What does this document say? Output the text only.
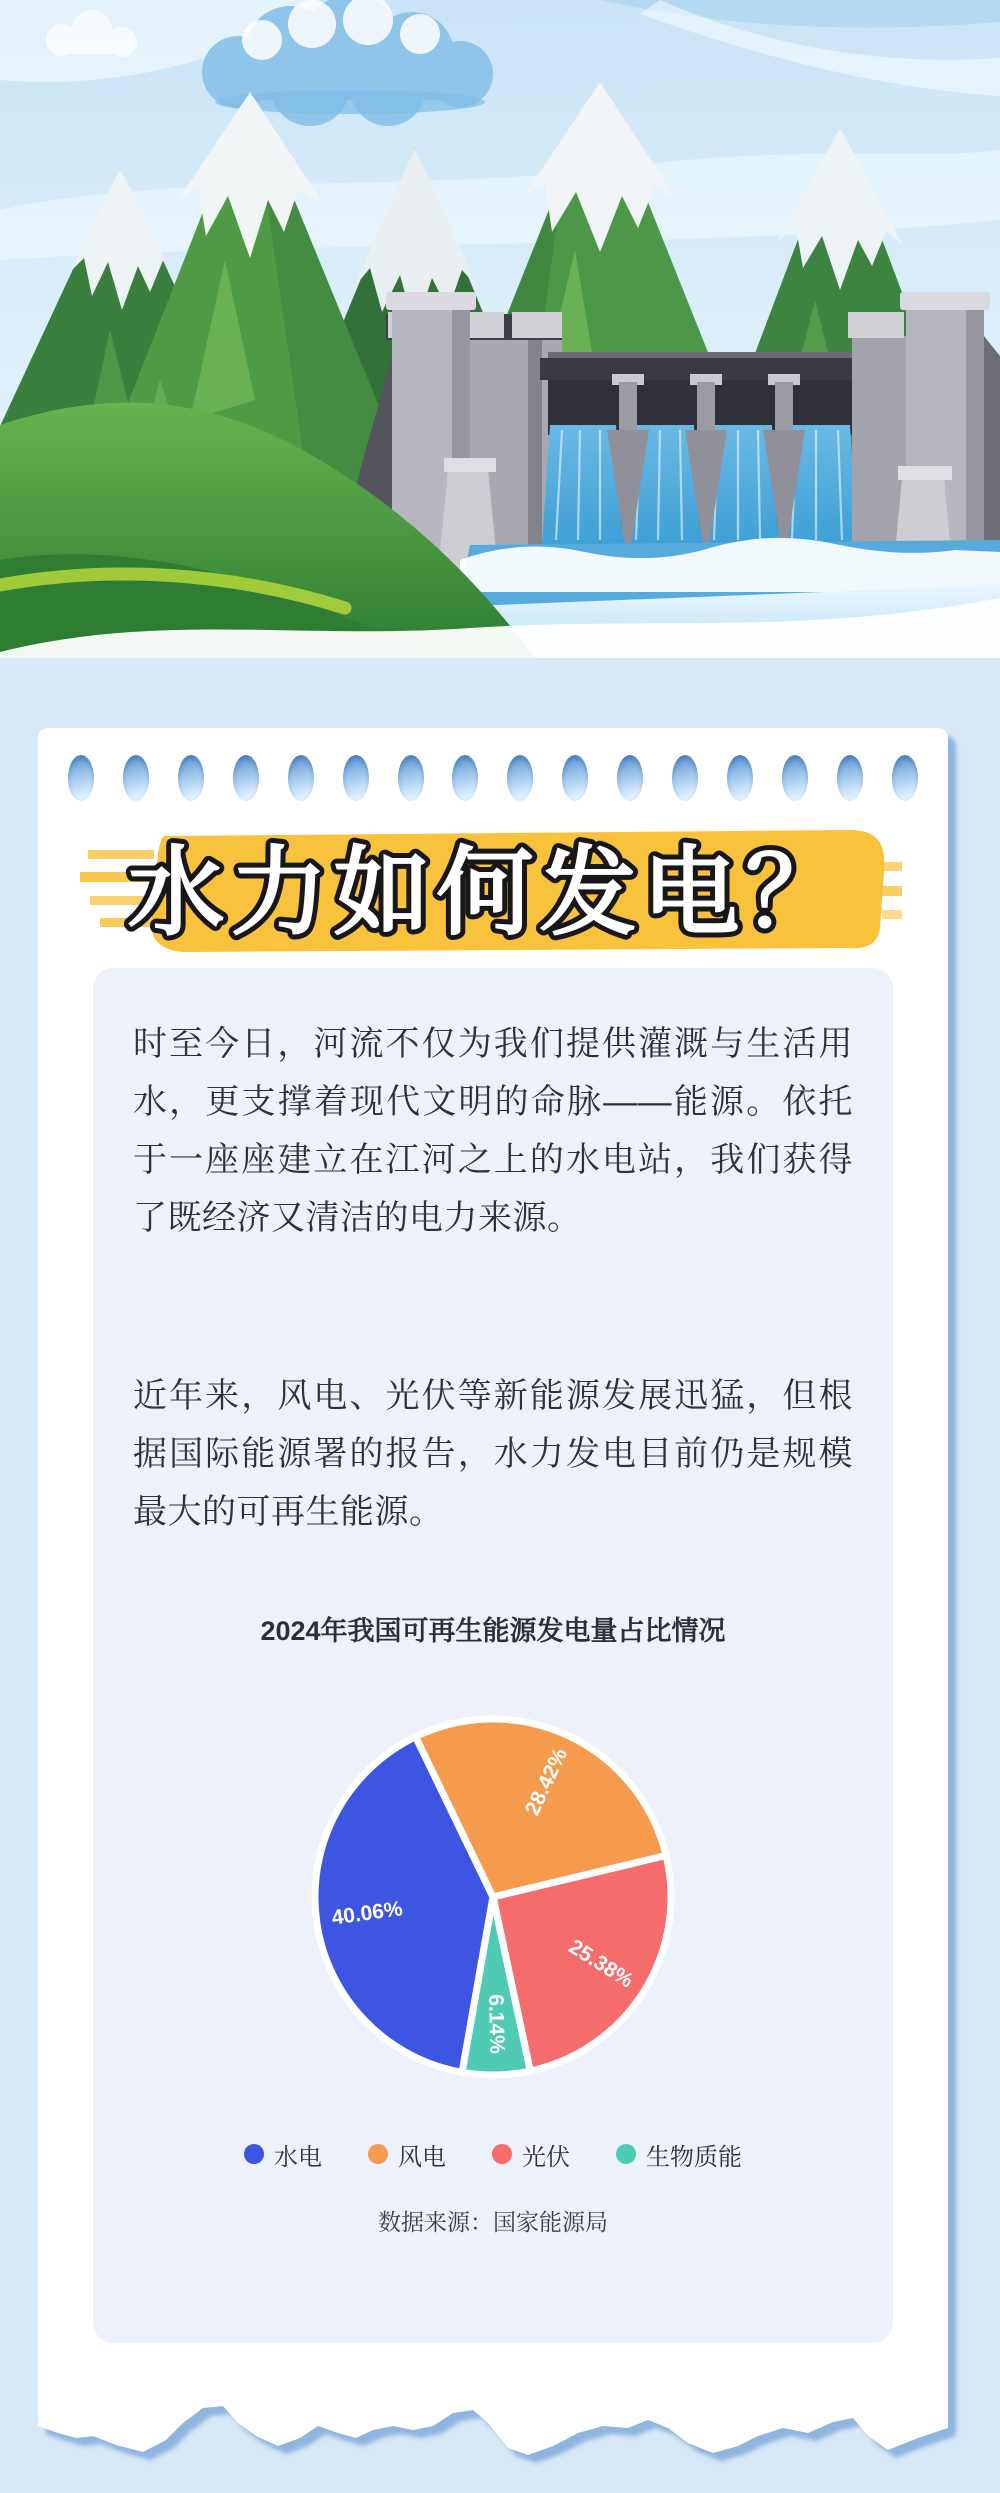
水力如何发电？

时至今日，河流不仅为我们提供灌溉与生活用水，更支撑着现代文明的命脉——能源。依托于一座座建立在江河之上的水电站，我们获得了既经济又清洁的电力来源。

近年来，风电、光伏等新能源发展迅猛，但根据国际能源署的报告，水力发电目前仍是规模最大的可再生能源。

2024年我国可再生能源发电量占比情况
40.06%
28.42%
25.38%
6.14%
水电	风电	光伏	生物质能
数据来源：国家能源局
